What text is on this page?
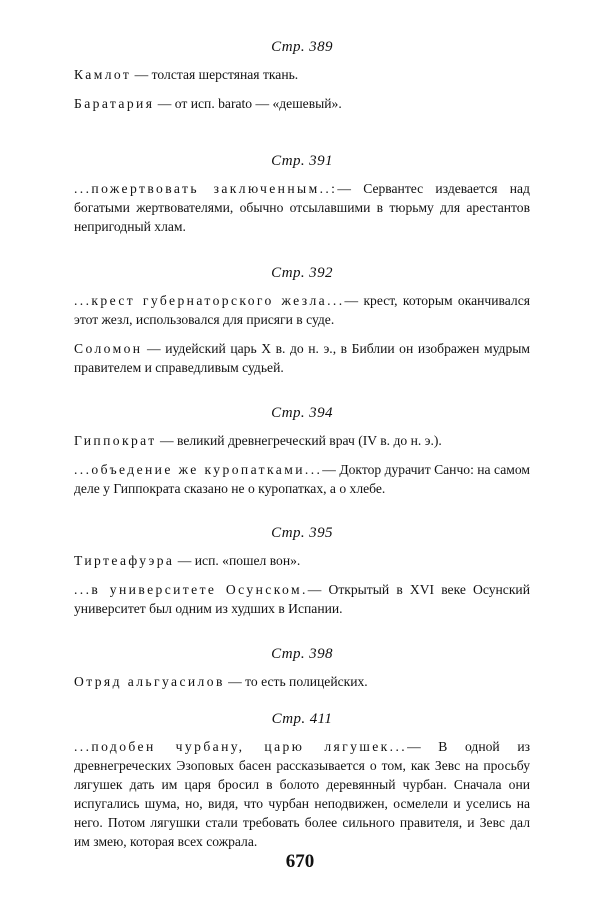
Стр. 389

Камлот — толстая шерстяная ткань.

Баратария — от исп. barato — «дешевый».

Стр. 391

...пожертвовать заключенным..:— Сервантес издевается над богатыми жертвователями, обычно отсылавшими в тюрьму для арестантов непригодный хлам.

Стр. 392

...крест губернаторского жезла...— крест, которым оканчивался этот жезл, использовался для присяги в суде.

Соломон — иудейский царь X в. до н. э., в Библии он изображен мудрым правителем и справедливым судьей.

Стр. 394

Гиппократ — великий древнегреческий врач (IV в. до н. э.).

...объедение же куропатками...— Доктор дурачит Санчо: на самом деле у Гиппократа сказано не о куропатках, а о хлебе.

Стр. 395

Тиртеафуэра — исп. «пошел вон».

...в университете Осунском.— Открытый в XVI веке Осунский университет был одним из худших в Испании.

Стр. 398

Отряд альгуасилов — то есть полицейских.

Стр. 411

...подобен чурбану, царю лягушек...— В одной из древнегреческих Эзоповых басен рассказывается о том, как Зевс на просьбу лягушек дать им царя бросил в болото деревянный чурбан. Сначала они испугались шума, но, видя, что чурбан неподвижен, осмелели и уселись на него. Потом лягушки стали требовать более сильного правителя, и Зевс дал им змею, которая всех сожрала.

670
